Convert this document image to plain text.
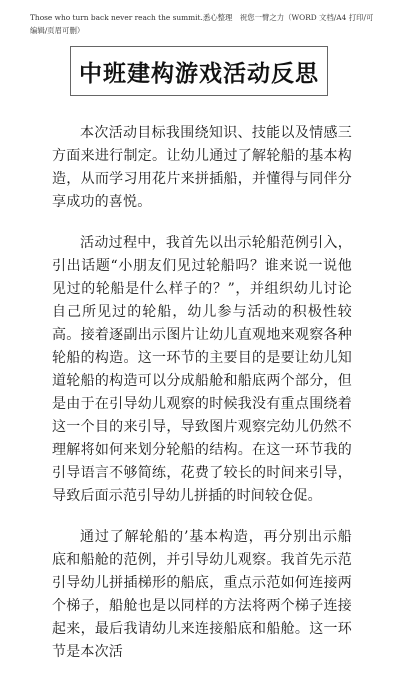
Those who turn back never reach the summit.悉心整理　祝您一臂之力（WORD 文档/A4 打印/可编辑/页眉可删）
中班建构游戏活动反思

本次活动目标我围绕知识、技能以及情感三方面来进行制定。让幼儿通过了解轮船的基本构造，从而学习用花片来拼插船，并懂得与同伴分享成功的喜悦。

活动过程中，我首先以出示轮船范例引入，引出话题“小朋友们见过轮船吗？谁来说一说他见过的轮船是什么样子的？”，并组织幼儿讨论自己所见过的轮船，幼儿参与活动的积极性较高。接着逐副出示图片让幼儿直观地来观察各种轮船的构造。这一环节的主要目的是要让幼儿知道轮船的构造可以分成船舱和船底两个部分，但是由于在引导幼儿观察的时候我没有重点围绕着这一个目的来引导，导致图片观察完幼儿仍然不理解将如何来划分轮船的结构。在这一环节我的引导语言不够简练，花费了较长的时间来引导，导致后面示范引导幼儿拼插的时间较仓促。

通过了解轮船的’基本构造，再分别出示船底和船舱的范例，并引导幼儿观察。我首先示范引导幼儿拼插梯形的船底，重点示范如何连接两个梯子，船舱也是以同样的方法将两个梯子连接起来，最后我请幼儿来连接船底和船舱。这一环节是本次活
